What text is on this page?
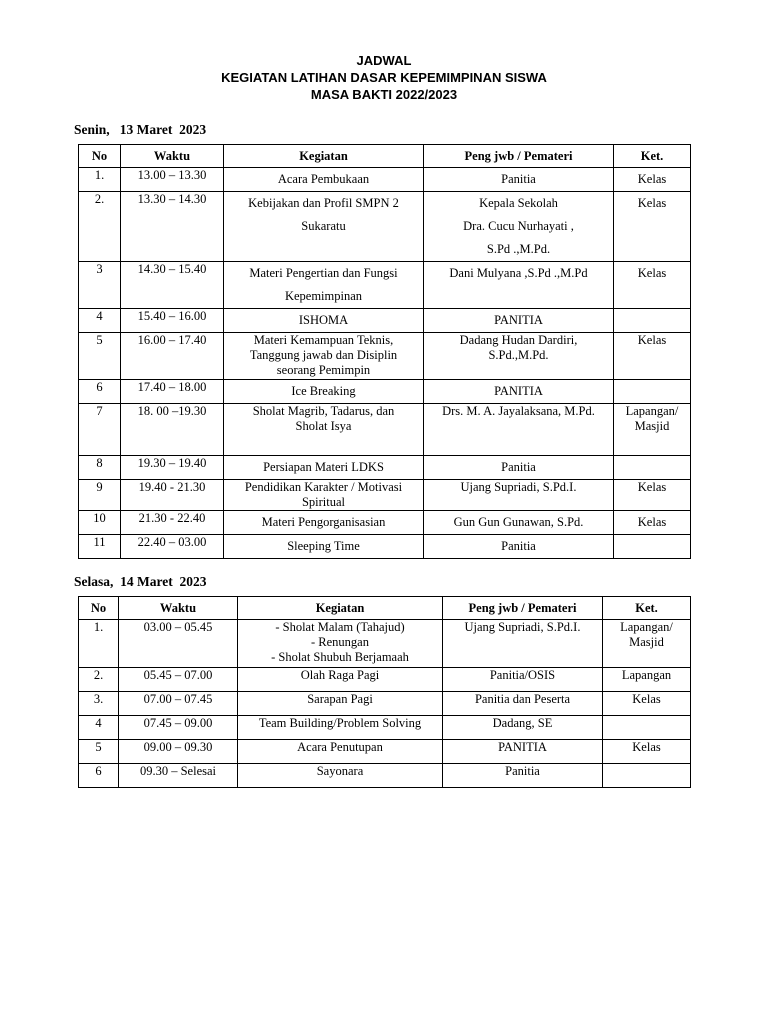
JADWAL
KEGIATAN LATIHAN DASAR KEPEMIMPINAN SISWA
MASA BAKTI 2022/2023
Senin,   13 Maret  2023
No	Waktu	Kegiatan	Peng jwb / Pemateri	Ket.
1.	13.00 – 13.30	Acara Pembukaan	Panitia	Kelas

2.	13.30 – 14.30	Kebijakan dan Profil SMPN 2
Sukaratu	Kepala Sekolah
Dra. Cucu Nurhayati ,
S.Pd .,M.Pd.	Kelas

3	14.30 – 15.40	Materi Pengertian dan Fungsi
Kepemimpinan	Dani Mulyana ,S.Pd .,M.Pd	Kelas

4	15.40 – 16.00	ISHOMA	PANITIA	

5	16.00 – 17.40	Materi Kemampuan Teknis,
Tanggung jawab dan Disiplin
seorang Pemimpin	Dadang Hudan Dardiri,
S.Pd.,M.Pd.	Kelas

6	17.40 – 18.00	Ice Breaking	PANITIA	

7	18. 00 –19.30	Sholat Magrib, Tadarus, dan
Sholat Isya	Drs. M. A. Jayalaksana, M.Pd.	Lapangan/
Masjid

8	19.30 – 19.40	Persiapan Materi LDKS	Panitia	

9	19.40 - 21.30	Pendidikan Karakter / Motivasi
Spiritual	Ujang Supriadi, S.Pd.I.	Kelas

10	21.30 - 22.40	Materi Pengorganisasian	Gun Gun Gunawan, S.Pd.	Kelas

11	22.40 – 03.00	Sleeping Time	Panitia	

Selasa,  14 Maret  2023
No	Waktu	Kegiatan	Peng jwb / Pemateri	Ket.
1.	03.00 – 05.45	- Sholat Malam (Tahajud)
- Renungan
- Sholat Shubuh Berjamaah	Ujang Supriadi, S.Pd.I.	Lapangan/
Masjid

2.	05.45 – 07.00	Olah Raga Pagi	Panitia/OSIS	Lapangan

3.	07.00 – 07.45	Sarapan Pagi	Panitia dan Peserta	Kelas

4	07.45 – 09.00	Team Building/Problem Solving	Dadang, SE	

5	09.00 – 09.30	Acara Penutupan	PANITIA	Kelas

6	09.30 – Selesai	Sayonara	Panitia	
